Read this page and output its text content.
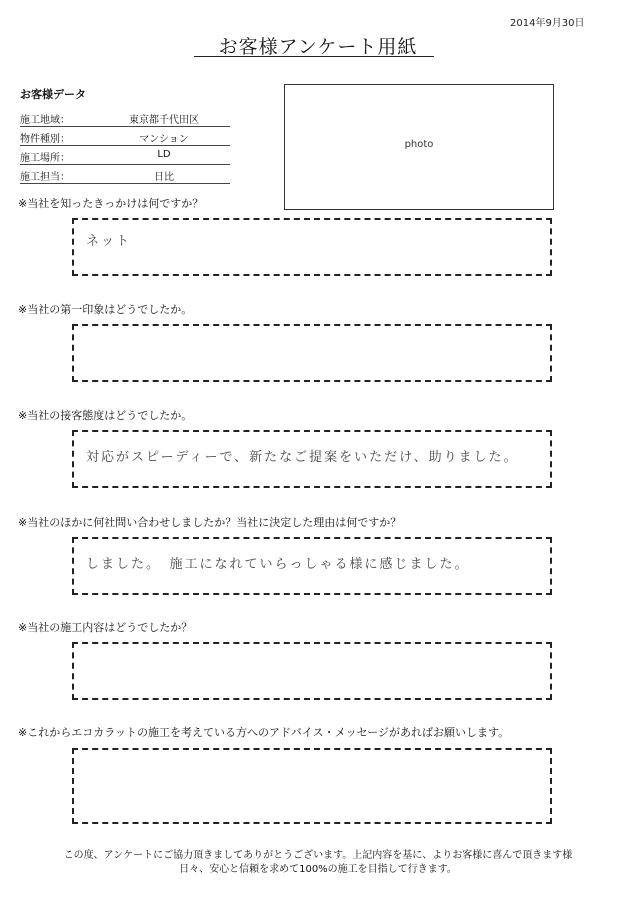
2014年9月30日
お客様アンケート用紙
お客様データ
施工地域：	東京都千代田区
物件種別：	マンション
施工場所：	LD
施工担当：	日比
photo
※当社を知ったきっかけは何ですか？
ネット
※当社の第一印象はどうでしたか。
※当社の接客態度はどうでしたか。
対応がスピーディーで、新たなご提案をいただけ、助りました。
※当社のほかに何社問い合わせしましたか？当社に決定した理由は何ですか？
しました。　施工になれていらっしゃる様に感じました。
※当社の施工内容はどうでしたか？
※これからエコカラットの施工を考えている方へのアドバイス・メッセージがあればお願いします。
この度、アンケートにご協力頂きましてありがとうございます。上記内容を基に、よりお客様に喜んで頂きます様
日々、安心と信頼を求めて100%の施工を目指して行きます。
